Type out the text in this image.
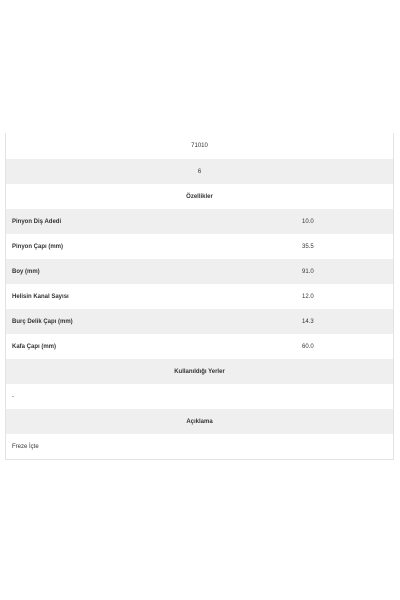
71010
6
Özellikler
Pinyon Diş Adedi	10.0
Pinyon Çapı (mm)	35.5
Boy (mm)	91.0
Helisin Kanal Sayısı	12.0
Burç Delik Çapı (mm)	14.3
Kafa Çapı (mm)	60.0
Kullanıldığı Yerler
-
Açıklama
Freze İçte
